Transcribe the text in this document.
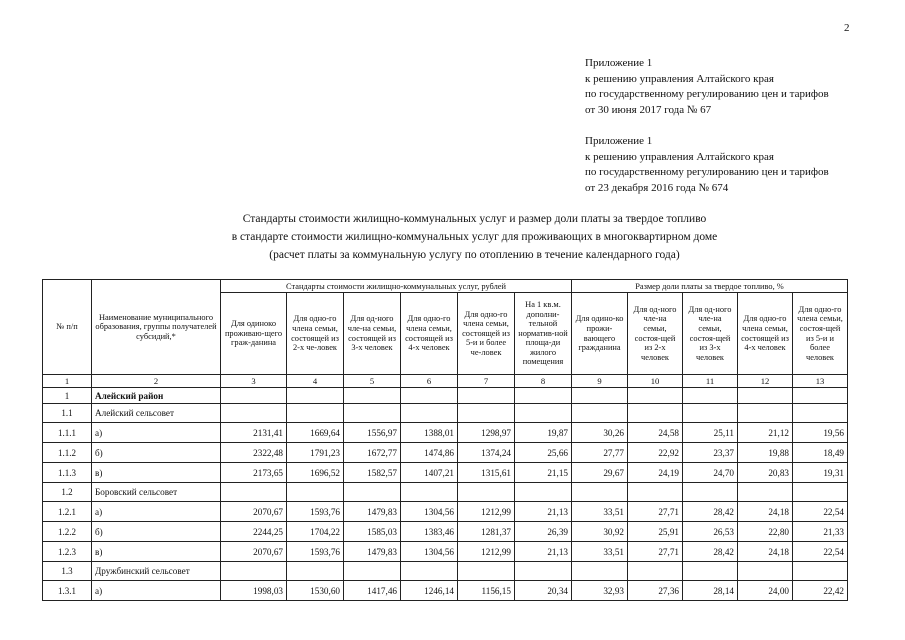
2
Приложение 1
к решению управления Алтайского края
по государственному регулированию цен и тарифов
от 30 июня 2017 года № 67
Приложение 1
к решению управления Алтайского края
по государственному регулированию цен и тарифов
от 23 декабря 2016 года № 674
Стандарты стоимости жилищно-коммунальных услуг и размер доли платы за твердое топливо
в стандарте стоимости жилищно-коммунальных услуг для проживающих в многоквартирном доме
(расчет платы за коммунальную услугу по отоплению в течение календарного года)
№ п/п	Наименование муниципального образования, группы получателей субсидий,*	Стандарты стоимости жилищно-коммунальных услуг, рублей						Размер доли платы за твердое топливо, %				
		Для одиноко проживаю-щего граж-данина	Для одно-го члена семьи, состоящей из 2-х че-ловек	Для од-ного чле-на семьи, состоящей из 3-х человек	Для одно-го члена семьи, состоящей из 4-х человек	Для одно-го члена семьи, состоящей из 5-и и более че-ловек	На 1 кв.м. дополни-тельной норматив-ной площа-ди жилого помещения	Для одино-ко прожи-вающего гражданина	Для од-ного чле-на семьи, состоя-щей из 2-х человек	Для од-ного чле-на семьи, состоя-щей из 3-х человек	Для одно-го члена семьи, состоящей из 4-х человек	Для одно-го члена семьи, состоя-щей из 5-и и более человек
1	2	3	4	5	6	7	8	9	10	11	12	13
1	Алейский район											
1.1	Алейский сельсовет											
1.1.1	а)	2131,41	1669,64	1556,97	1388,01	1298,97	19,87	30,26	24,58	25,11	21,12	19,56
1.1.2	б)	2322,48	1791,23	1672,77	1474,86	1374,24	25,66	27,77	22,92	23,37	19,88	18,49
1.1.3	в)	2173,65	1696,52	1582,57	1407,21	1315,61	21,15	29,67	24,19	24,70	20,83	19,31
1.2	Боровский сельсовет											
1.2.1	а)	2070,67	1593,76	1479,83	1304,56	1212,99	21,13	33,51	27,71	28,42	24,18	22,54
1.2.2	б)	2244,25	1704,22	1585,03	1383,46	1281,37	26,39	30,92	25,91	26,53	22,80	21,33
1.2.3	в)	2070,67	1593,76	1479,83	1304,56	1212,99	21,13	33,51	27,71	28,42	24,18	22,54
1.3	Дружбинский сельсовет											
1.3.1	а)	1998,03	1530,60	1417,46	1246,14	1156,15	20,34	32,93	27,36	28,14	24,00	22,42
